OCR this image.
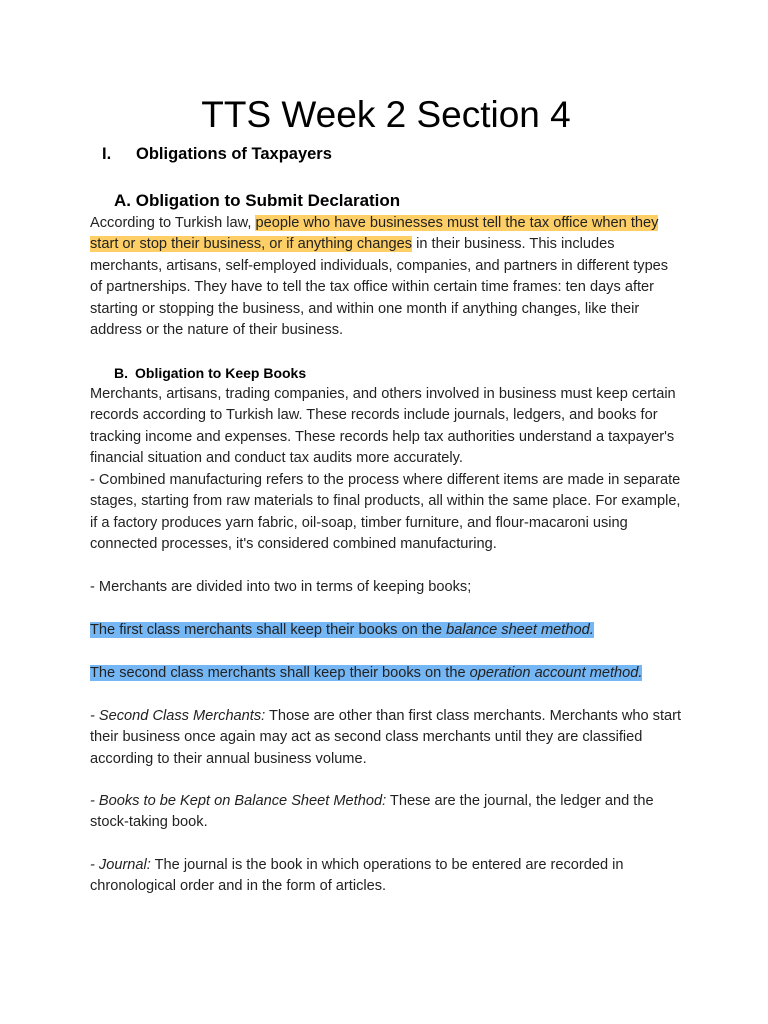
TTS Week 2 Section 4
I. Obligations of Taxpayers
A. Obligation to Submit Declaration

According to Turkish law, people who have businesses must tell the tax office when they start or stop their business, or if anything changes in their business. This includes merchants, artisans, self-employed individuals, companies, and partners in different types of partnerships. They have to tell the tax office within certain time frames: ten days after starting or stopping the business, and within one month if anything changes, like their address or the nature of their business.

B. Obligation to Keep Books

Merchants, artisans, trading companies, and others involved in business must keep certain records according to Turkish law. These records include journals, ledgers, and books for tracking income and expenses. These records help tax authorities understand a taxpayer's financial situation and conduct tax audits more accurately.

- Combined manufacturing refers to the process where different items are made in separate stages, starting from raw materials to final products, all within the same place. For example, if a factory produces yarn fabric, oil-soap, timber furniture, and flour-macaroni using connected processes, it's considered combined manufacturing.

- Merchants are divided into two in terms of keeping books;

The first class merchants shall keep their books on the balance sheet method.

The second class merchants shall keep their books on the operation account method.

- Second Class Merchants: Those are other than first class merchants. Merchants who start their business once again may act as second class merchants until they are classified according to their annual business volume.

- Books to be Kept on Balance Sheet Method: These are the journal, the ledger and the stock-taking book.

- Journal: The journal is the book in which operations to be entered are recorded in chronological order and in the form of articles.
